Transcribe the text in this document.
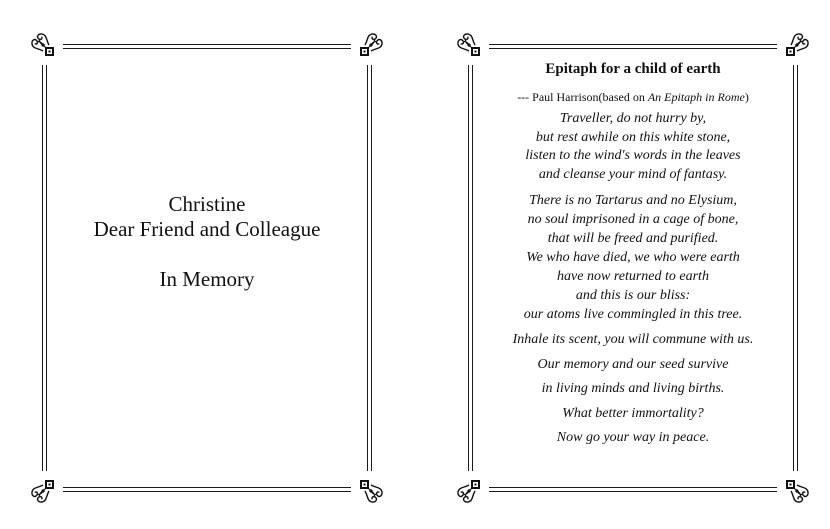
Christine
Dear Friend and Colleague
In Memory
Epitaph for a child of earth
--- Paul Harrison(based on An Epitaph in Rome)
Traveller, do not hurry by,
but rest awhile on this white stone,
listen to the wind's words in the leaves
and cleanse your mind of fantasy.
There is no Tartarus and no Elysium,
no soul imprisoned in a cage of bone,
that will be freed and purified.
We who have died, we who were earth
have now returned to earth
and this is our bliss:
our atoms live commingled in this tree.
Inhale its scent, you will commune with us.
Our memory and our seed survive
in living minds and living births.
What better immortality?
Now go your way in peace.
